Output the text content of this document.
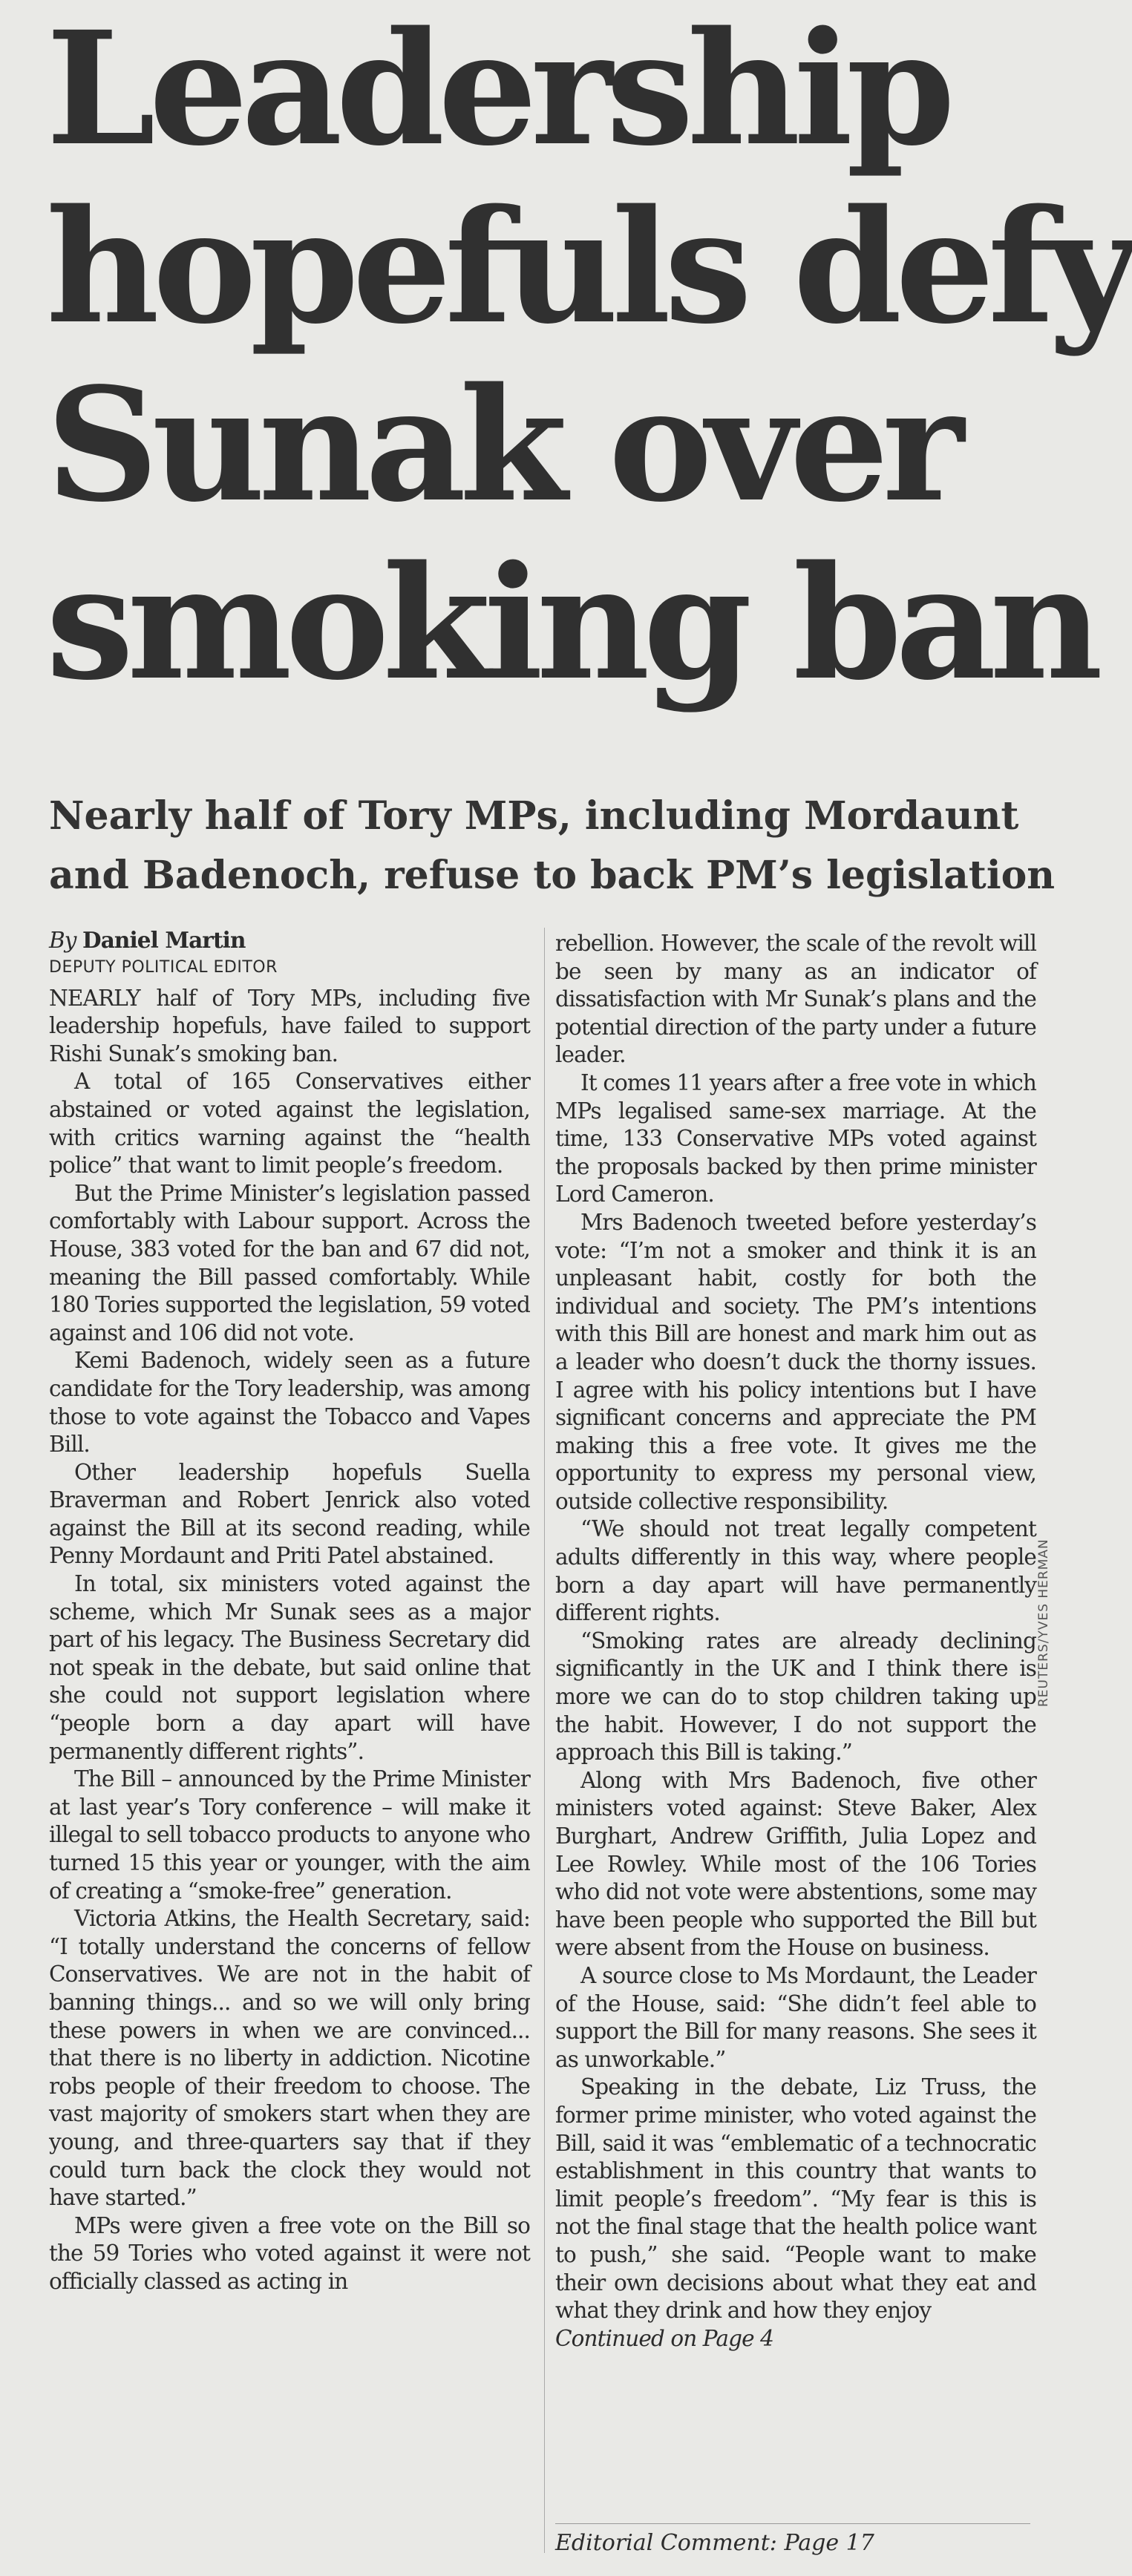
Leadership
hopefuls defy
Sunak over
smoking ban
Nearly half of Tory MPs, including Mordaunt
and Badenoch, refuse to back PM’s legislation

By Daniel Martin
DEPUTY POLITICAL EDITOR

NEARLY half of Tory MPs, including five leadership hopefuls, have failed to support Rishi Sunak’s smoking ban.

A total of 165 Conservatives either abstained or voted against the legislation, with critics warning against the “health police” that want to limit people’s freedom.

But the Prime Minister’s legislation passed comfortably with Labour support. Across the House, 383 voted for the ban and 67 did not, meaning the Bill passed comfortably. While 180 Tories supported the legislation, 59 voted against and 106 did not vote.

Kemi Badenoch, widely seen as a future candidate for the Tory leadership, was among those to vote against the Tobacco and Vapes Bill.

Other leadership hopefuls Suella Braverman and Robert Jenrick also voted against the Bill at its second reading, while Penny Mordaunt and Priti Patel abstained.

In total, six ministers voted against the scheme, which Mr Sunak sees as a major part of his legacy. The Business Secretary did not speak in the debate, but said online that she could not support legislation where “people born a day apart will have permanently different rights”.

The Bill – announced by the Prime Minister at last year’s Tory conference – will make it illegal to sell tobacco products to anyone who turned 15 this year or younger, with the aim of creating a “smoke-free” generation.

Victoria Atkins, the Health Secretary, said: “I totally understand the concerns of fellow Conservatives. We are not in the habit of banning things... and so we will only bring these powers in when we are convinced... that there is no liberty in addiction. Nicotine robs people of their freedom to choose. The vast majority of smokers start when they are young, and three-quarters say that if they could turn back the clock they would not have started.”

MPs were given a free vote on the Bill so the 59 Tories who voted against it were not officially classed as acting in

rebellion. However, the scale of the revolt will be seen by many as an indicator of dissatisfaction with Mr Sunak’s plans and the potential direction of the party under a future leader.

It comes 11 years after a free vote in which MPs legalised same-sex marriage. At the time, 133 Conservative MPs voted against the proposals backed by then prime minister Lord Cameron.

Mrs Badenoch tweeted before yesterday’s vote: “I’m not a smoker and think it is an unpleasant habit, costly for both the individual and society. The PM’s intentions with this Bill are honest and mark him out as a leader who doesn’t duck the thorny issues. I agree with his policy intentions but I have significant concerns and appreciate the PM making this a free vote. It gives me the opportunity to express my personal view, outside collective responsibility.

“We should not treat legally competent adults differently in this way, where people born a day apart will have permanently different rights.

“Smoking rates are already declining significantly in the UK and I think there is more we can do to stop children taking up the habit. However, I do not support the approach this Bill is taking.”

Along with Mrs Badenoch, five other ministers voted against: Steve Baker, Alex Burghart, Andrew Griffith, Julia Lopez and Lee Rowley. While most of the 106 Tories who did not vote were abstentions, some may have been people who supported the Bill but were absent from the House on business.

A source close to Ms Mordaunt, the Leader of the House, said: “She didn’t feel able to support the Bill for many reasons. She sees it as unworkable.”

Speaking in the debate, Liz Truss, the former prime minister, who voted against the Bill, said it was “emblematic of a technocratic establishment in this country that wants to limit people’s freedom”. “My fear is this is not the final stage that the health police want to push,” she said. “People want to make their own decisions about what they eat and what they drink and how they enjoy

Continued on Page 4

Editorial Comment: Page 17
REUTERS/YVES HERMAN
